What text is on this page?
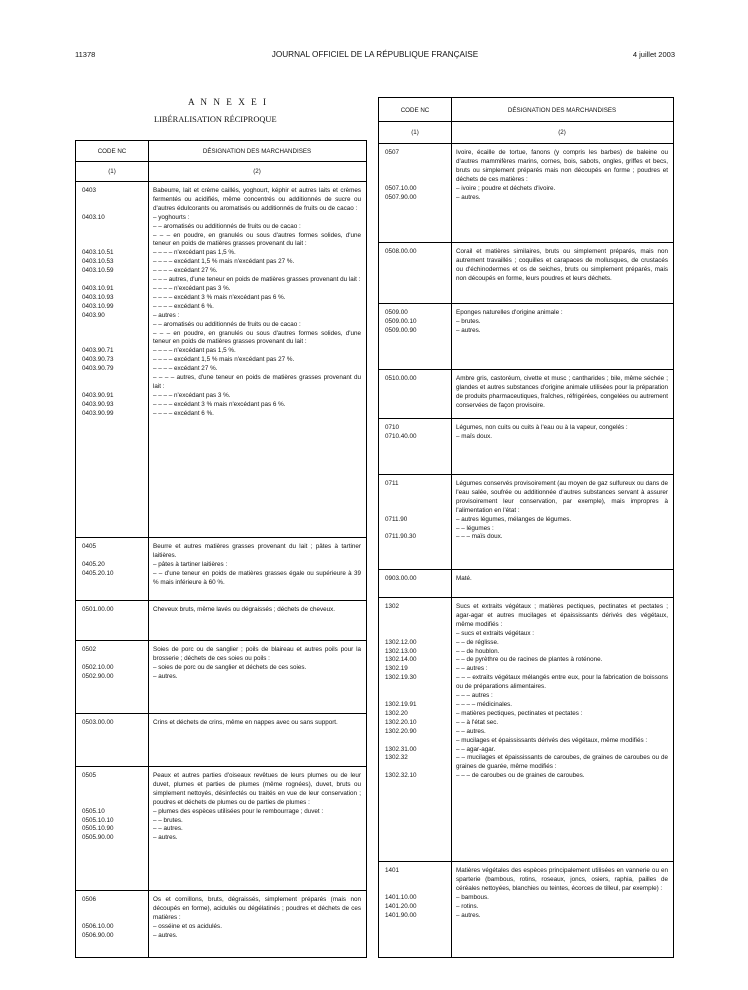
11378	JOURNAL OFFICIEL DE LA RÉPUBLIQUE FRANÇAISE	4 juillet 2003
A N N E X E I
LIBÉRALISATION RÉCIPROQUE
CODE NC	DÉSIGNATION DES MARCHANDISES
(1)	(2)
0403	Babeurre, lait et crème caillés, yoghourt, képhir et autres laits et crèmes fermentés ou acidifiés, même concentrés ou additionnés de sucre ou d'autres édulcorants ou aromatisés ou additionnés de fruits ou de cacao :
0403.10	– yoghourts :
– – aromatisés ou additionnés de fruits ou de cacao :
– – – en poudre, en granulés ou sous d'autres formes solides, d'une teneur en poids de matières grasses provenant du lait :
0403.10.51	– – – – n'excédant pas 1,5 %.
0403.10.53	– – – – excédant 1,5 % mais n'excédant pas 27 %.
0403.10.59	– – – – excédant 27 %.
– – – autres, d'une teneur en poids de matières grasses provenant du lait :
0403.10.91	– – – – n'excédant pas 3 %.
0403.10.93	– – – – excédant 3 % mais n'excédant pas 6 %.
0403.10.99	– – – – excédant 6 %.
0403.90	– autres :
– – aromatisés ou additionnés de fruits ou de cacao :
– – – en poudre, en granulés ou sous d'autres formes solides, d'une teneur en poids de matières grasses provenant du lait :
0403.90.71	– – – – n'excédant pas 1,5 %.
0403.90.73	– – – – excédant 1,5 % mais n'excédant pas 27 %.
0403.90.79	– – – – excédant 27 %.
– – – – autres, d'une teneur en poids de matières grasses provenant du lait :
0403.90.91	– – – – n'excédant pas 3 %.
0403.90.93	– – – – excédant 3 % mais n'excédant pas 6 %.
0403.90.99	– – – – excédant 6 %.
0405	Beurre et autres matières grasses provenant du lait ; pâtes à tartiner laitières.
0405.20	– pâtes à tartiner laitières :
0405.20.10	– – d'une teneur en poids de matières grasses égale ou supérieure à 39 % mais inférieure à 60 %.
0501.00.00	Cheveux bruts, même lavés ou dégraissés ; déchets de cheveux.
0502	Soies de porc ou de sanglier ; poils de blaireau et autres poils pour la brosserie ; déchets de ces soies ou poils :
0502.10.00	– soies de porc ou de sanglier et déchets de ces soies.
0502.90.00	– autres.
0503.00.00	Crins et déchets de crins, même en nappes avec ou sans support.
0505	Peaux et autres parties d'oiseaux revêtues de leurs plumes ou de leur duvet, plumes et parties de plumes (même rognées), duvet, bruts ou simplement nettoyés, désinfectés ou traités en vue de leur conservation ; poudres et déchets de plumes ou de parties de plumes :
0505.10	– plumes des espèces utilisées pour le rembourrage ; duvet :
0505.10.10	– – brutes.
0505.10.90	– – autres.
0505.90.00	– autres.
0506	Os et cornillons, bruts, dégraissés, simplement préparés (mais non découpés en forme), acidulés ou dégélatinés ; poudres et déchets de ces matières :
0506.10.00	– osséine et os acidulés.
0506.90.00	– autres.
CODE NC	DÉSIGNATION DES MARCHANDISES
(1)	(2)
0507	Ivoire, écaille de tortue, fanons (y compris les barbes) de baleine ou d'autres mammifères marins, cornes, bois, sabots, ongles, griffes et becs, bruts ou simplement préparés mais non découpés en forme ; poudres et déchets de ces matières :
0507.10.00	– ivoire ; poudre et déchets d'ivoire.
0507.90.00	– autres.
0508.00.00	Corail et matières similaires, bruts ou simplement préparés, mais non autrement travaillés ; coquilles et carapaces de mollusques, de crustacés ou d'échinodermes et os de seiches, bruts ou simplement préparés, mais non découpés en forme, leurs poudres et leurs déchets.
0509.00	Eponges naturelles d'origine animale :
0509.00.10	– brutes.
0509.00.90	– autres.
0510.00.00	Ambre gris, castoréum, civette et musc ; cantharides ; bile, même séchée ; glandes et autres substances d'origine animale utilisées pour la préparation de produits pharmaceutiques, fraîches, réfrigérées, congelées ou autrement conservées de façon provisoire.
0710	Légumes, non cuits ou cuits à l'eau ou à la vapeur, congelés :
0710.40.00	– maïs doux.
0711	Légumes conservés provisoirement (au moyen de gaz sulfureux ou dans de l'eau salée, soufrée ou additionnée d'autres substances servant à assurer provisoirement leur conservation, par exemple), mais impropres à l'alimentation en l'état :
0711.90	– autres légumes, mélanges de légumes.
– – légumes :
0711.90.30	– – – maïs doux.
0903.00.00	Maté.
1302	Sucs et extraits végétaux ; matières pectiques, pectinates et pectates ; agar-agar et autres mucilages et épaississants dérivés des végétaux, même modifiés :
– sucs et extraits végétaux :
1302.12.00	– – de réglisse.
1302.13.00	– – de houblon.
1302.14.00	– – de pyrèthre ou de racines de plantes à roténone.
1302.19	– – autres :
1302.19.30	– – – extraits végétaux mélangés entre eux, pour la fabrication de boissons ou de préparations alimentaires.
– – – autres :
1302.19.91	– – – – médicinales.
1302.20	– matières pectiques, pectinates et pectates :
1302.20.10	– – à l'état sec.
1302.20.90	– – autres.
– mucilages et épaississants dérivés des végétaux, même modifiés :
1302.31.00	– – agar-agar.
1302.32	– – mucilages et épaississants de caroubes, de graines de caroubes ou de graines de guarée, même modifiés :
1302.32.10	– – – de caroubes ou de graines de caroubes.
1401	Matières végétales des espèces principalement utilisées en vannerie ou en sparterie (bambous, rotins, roseaux, joncs, osiers, raphia, pailles de céréales nettoyées, blanchies ou teintes, écorces de tilleul, par exemple) :
1401.10.00	– bambous.
1401.20.00	– rotins.
1401.90.00	– autres.
